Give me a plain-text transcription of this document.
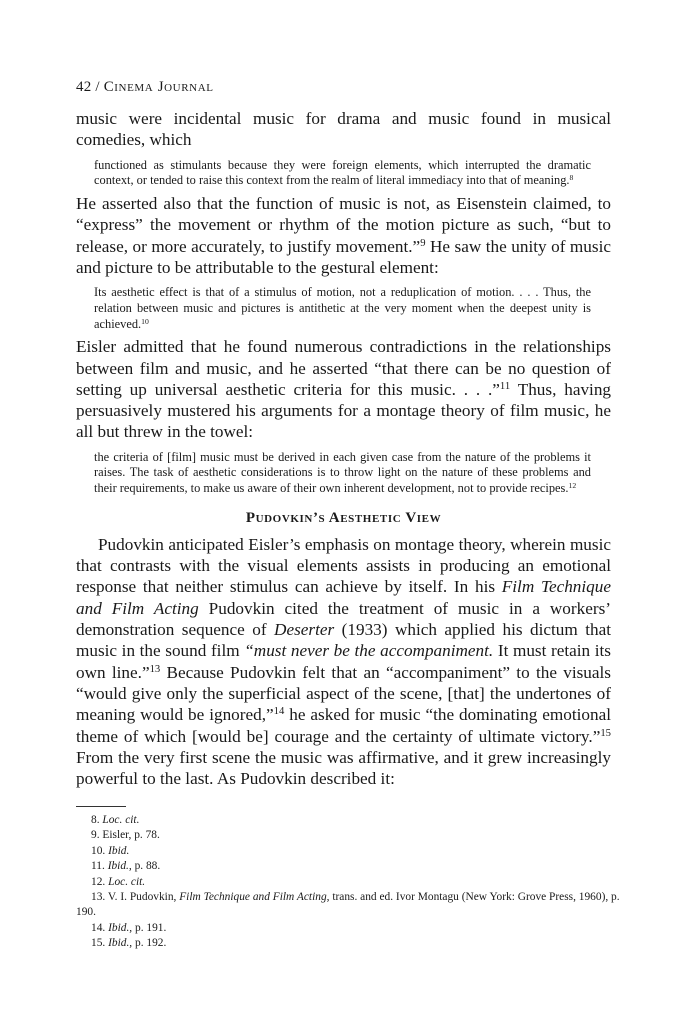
42 / Cinema Journal

music were incidental music for drama and music found in musical comedies, which

functioned as stimulants because they were foreign elements, which interrupted the dramatic context, or tended to raise this context from the realm of literal immediacy into that of meaning.$^8$

He asserted also that the function of music is not, as Eisenstein claimed, to “express” the movement or rhythm of the motion picture as such, “but to release, or more accurately, to justify movement.”$^9$ He saw the unity of music and picture to be attributable to the gestural element:

Its aesthetic effect is that of a stimulus of motion, not a reduplication of motion. . . . Thus, the relation between music and pictures is antithetic at the very moment when the deepest unity is achieved.$^{10}$

Eisler admitted that he found numerous contradictions in the relationships between film and music, and he asserted “that there can be no question of setting up universal aesthetic criteria for this music. . . .”$^{11}$ Thus, having persuasively mustered his arguments for a montage theory of film music, he all but threw in the towel:

the criteria of [film] music must be derived in each given case from the nature of the problems it raises. The task of aesthetic considerations is to throw light on the nature of these problems and their requirements, to make us aware of their own inherent development, not to provide recipes.$^{12}$

Pudovkin’s Aesthetic View

Pudovkin anticipated Eisler’s emphasis on montage theory, wherein music that contrasts with the visual elements assists in producing an emotional response that neither stimulus can achieve by itself. In his Film Technique and Film Acting Pudovkin cited the treatment of music in a workers’ demonstration sequence of Deserter (1933) which applied his dictum that music in the sound film “must never be the accompaniment. It must retain its own line.”$^{13}$ Because Pudovkin felt that an “accompaniment” to the visuals “would give only the superficial aspect of the scene, [that] the undertones of meaning would be ignored,”$^{14}$ he asked for music “the dominating emotional theme of which [would be] courage and the certainty of ultimate victory.”$^{15}$ From the very first scene the music was affirmative, and it grew increasingly powerful to the last. As Pudovkin described it:

8. Loc. cit.
9. Eisler, p. 78.
10. Ibid.
11. Ibid., p. 88.
12. Loc. cit.
13. V. I. Pudovkin, Film Technique and Film Acting, trans. and ed. Ivor Montagu (New York: Grove Press, 1960), p. 190.
14. Ibid., p. 191.
15. Ibid., p. 192.
